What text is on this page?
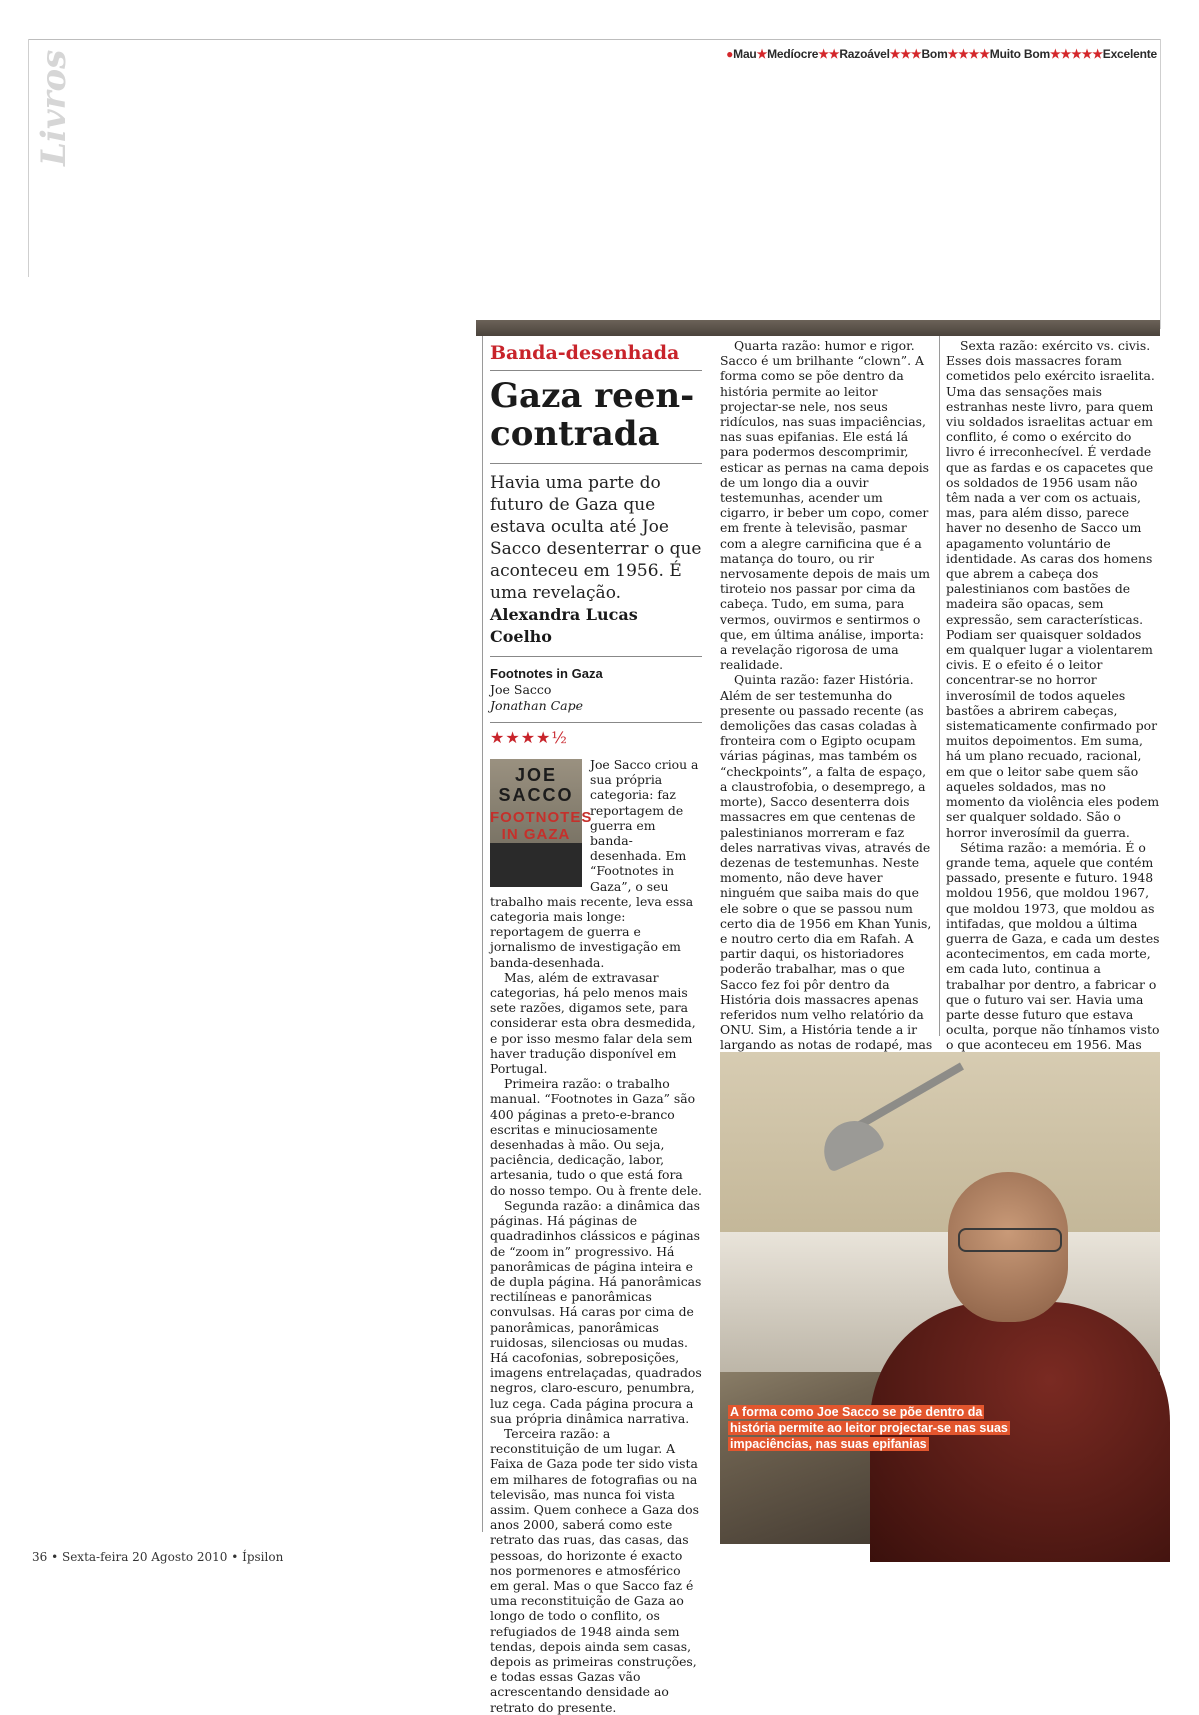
Livros	●Mau★Medíocre★★Razoável★★★Bom★★★★Muito Bom★★★★★Excelente
Banda-desenhada
Gaza reen-contrada

Havia uma parte do futuro de Gaza que estava oculta até Joe Sacco desenterrar o que aconteceu em 1956. É uma revelação.

Alexandra Lucas Coelho
Footnotes in Gaza
Joe Sacco
Jonathan Cape
★★★★½
JOE SACCO
FOOTNOTES IN GAZA

Joe Sacco criou a sua própria categoria: faz reportagem de guerra em banda-desenhada. Em “Footnotes in Gaza”, o seu trabalho mais recente, leva essa categoria mais longe: reportagem de guerra e jornalismo de investigação em banda-desenhada.

Mas, além de extravasar categorias, há pelo menos mais sete razões, digamos sete, para considerar esta obra desmedida, e por isso mesmo falar dela sem haver tradução disponível em Portugal.

Primeira razão: o trabalho manual. “Footnotes in Gaza” são 400 páginas a preto-e-branco escritas e minuciosamente desenhadas à mão. Ou seja, paciência, dedicação, labor, artesania, tudo o que está fora do nosso tempo. Ou à frente dele.

Segunda razão: a dinâmica das páginas. Há páginas de quadradinhos clássicos e páginas de “zoom in” progressivo. Há panorâmicas de página inteira e de dupla página. Há panorâmicas rectilíneas e panorâmicas convulsas. Há caras por cima de panorâmicas, panorâmicas ruidosas, silenciosas ou mudas. Há cacofonias, sobreposições, imagens entrelaçadas, quadrados negros, claro-escuro, penumbra, luz cega. Cada página procura a sua própria dinâmica narrativa.

Terceira razão: a reconstituição de um lugar. A Faixa de Gaza pode ter sido vista em milhares de fotografias ou na televisão, mas nunca foi vista assim. Quem conhece a Gaza dos anos 2000, saberá como este retrato das ruas, das casas, das pessoas, do horizonte é exacto nos pormenores e atmosférico em geral. Mas o que Sacco faz é uma reconstituição de Gaza ao longo de todo o conflito, os refugiados de 1948 ainda sem tendas, depois ainda sem casas, depois as primeiras construções, e todas essas Gazas vão acrescentando densidade ao retrato do presente.

Quarta razão: humor e rigor. Sacco é um brilhante “clown”. A forma como se põe dentro da história permite ao leitor projectar-se nele, nos seus ridículos, nas suas impaciências, nas suas epifanias. Ele está lá para podermos descomprimir, esticar as pernas na cama depois de um longo dia a ouvir testemunhas, acender um cigarro, ir beber um copo, comer em frente à televisão, pasmar com a alegre carnificina que é a matança do touro, ou rir nervosamente depois de mais um tiroteio nos passar por cima da cabeça. Tudo, em suma, para vermos, ouvirmos e sentirmos o que, em última análise, importa: a revelação rigorosa de uma realidade.

Quinta razão: fazer História. Além de ser testemunha do presente ou passado recente (as demolições das casas coladas à fronteira com o Egipto ocupam várias páginas, mas também os “checkpoints”, a falta de espaço, a claustrofobia, o desemprego, a morte), Sacco desenterra dois massacres em que centenas de palestinianos morreram e faz deles narrativas vivas, através de dezenas de testemunhas. Neste momento, não deve haver ninguém que saiba mais do que ele sobre o que se passou num certo dia de 1956 em Khan Yunis, e noutro certo dia em Rafah. A partir daqui, os historiadores poderão trabalhar, mas o que Sacco fez foi pôr dentro da História dois massacres apenas referidos num velho relatório da ONU. Sim, a História tende a ir largando as notas de rodapé, mas

Sexta razão: exército vs. civis. Esses dois massacres foram cometidos pelo exército israelita. Uma das sensações mais estranhas neste livro, para quem viu soldados israelitas actuar em conflito, é como o exército do livro é irreconhecível. É verdade que as fardas e os capacetes que os soldados de 1956 usam não têm nada a ver com os actuais, mas, para além disso, parece haver no desenho de Sacco um apagamento voluntário de identidade. As caras dos homens que abrem a cabeça dos palestinianos com bastões de madeira são opacas, sem expressão, sem características. Podiam ser quaisquer soldados em qualquer lugar a violentarem civis. E o efeito é o leitor concentrar-se no horror inverosímil de todos aqueles bastões a abrirem cabeças, sistematicamente confirmado por muitos depoimentos. Em suma, há um plano recuado, racional, em que o leitor sabe quem são aqueles soldados, mas no momento da violência eles podem ser qualquer soldado. São o horror inverosímil da guerra.

Sétima razão: a memória. É o grande tema, aquele que contém passado, presente e futuro. 1948 moldou 1956, que moldou 1967, que moldou 1973, que moldou as intifadas, que moldou a última guerra de Gaza, e cada um destes acontecimentos, em cada morte, em cada luto, continua a trabalhar por dentro, a fabricar o que o futuro vai ser. Havia uma parte desse futuro que estava oculta, porque não tínhamos visto o que aconteceu em 1956. Mas

A forma como Joe Sacco se põe dentro da história permite ao leitor projectar-se nas suas impaciências, nas suas epifanias
36 • Sexta-feira 20 Agosto 2010 • Ípsilon
